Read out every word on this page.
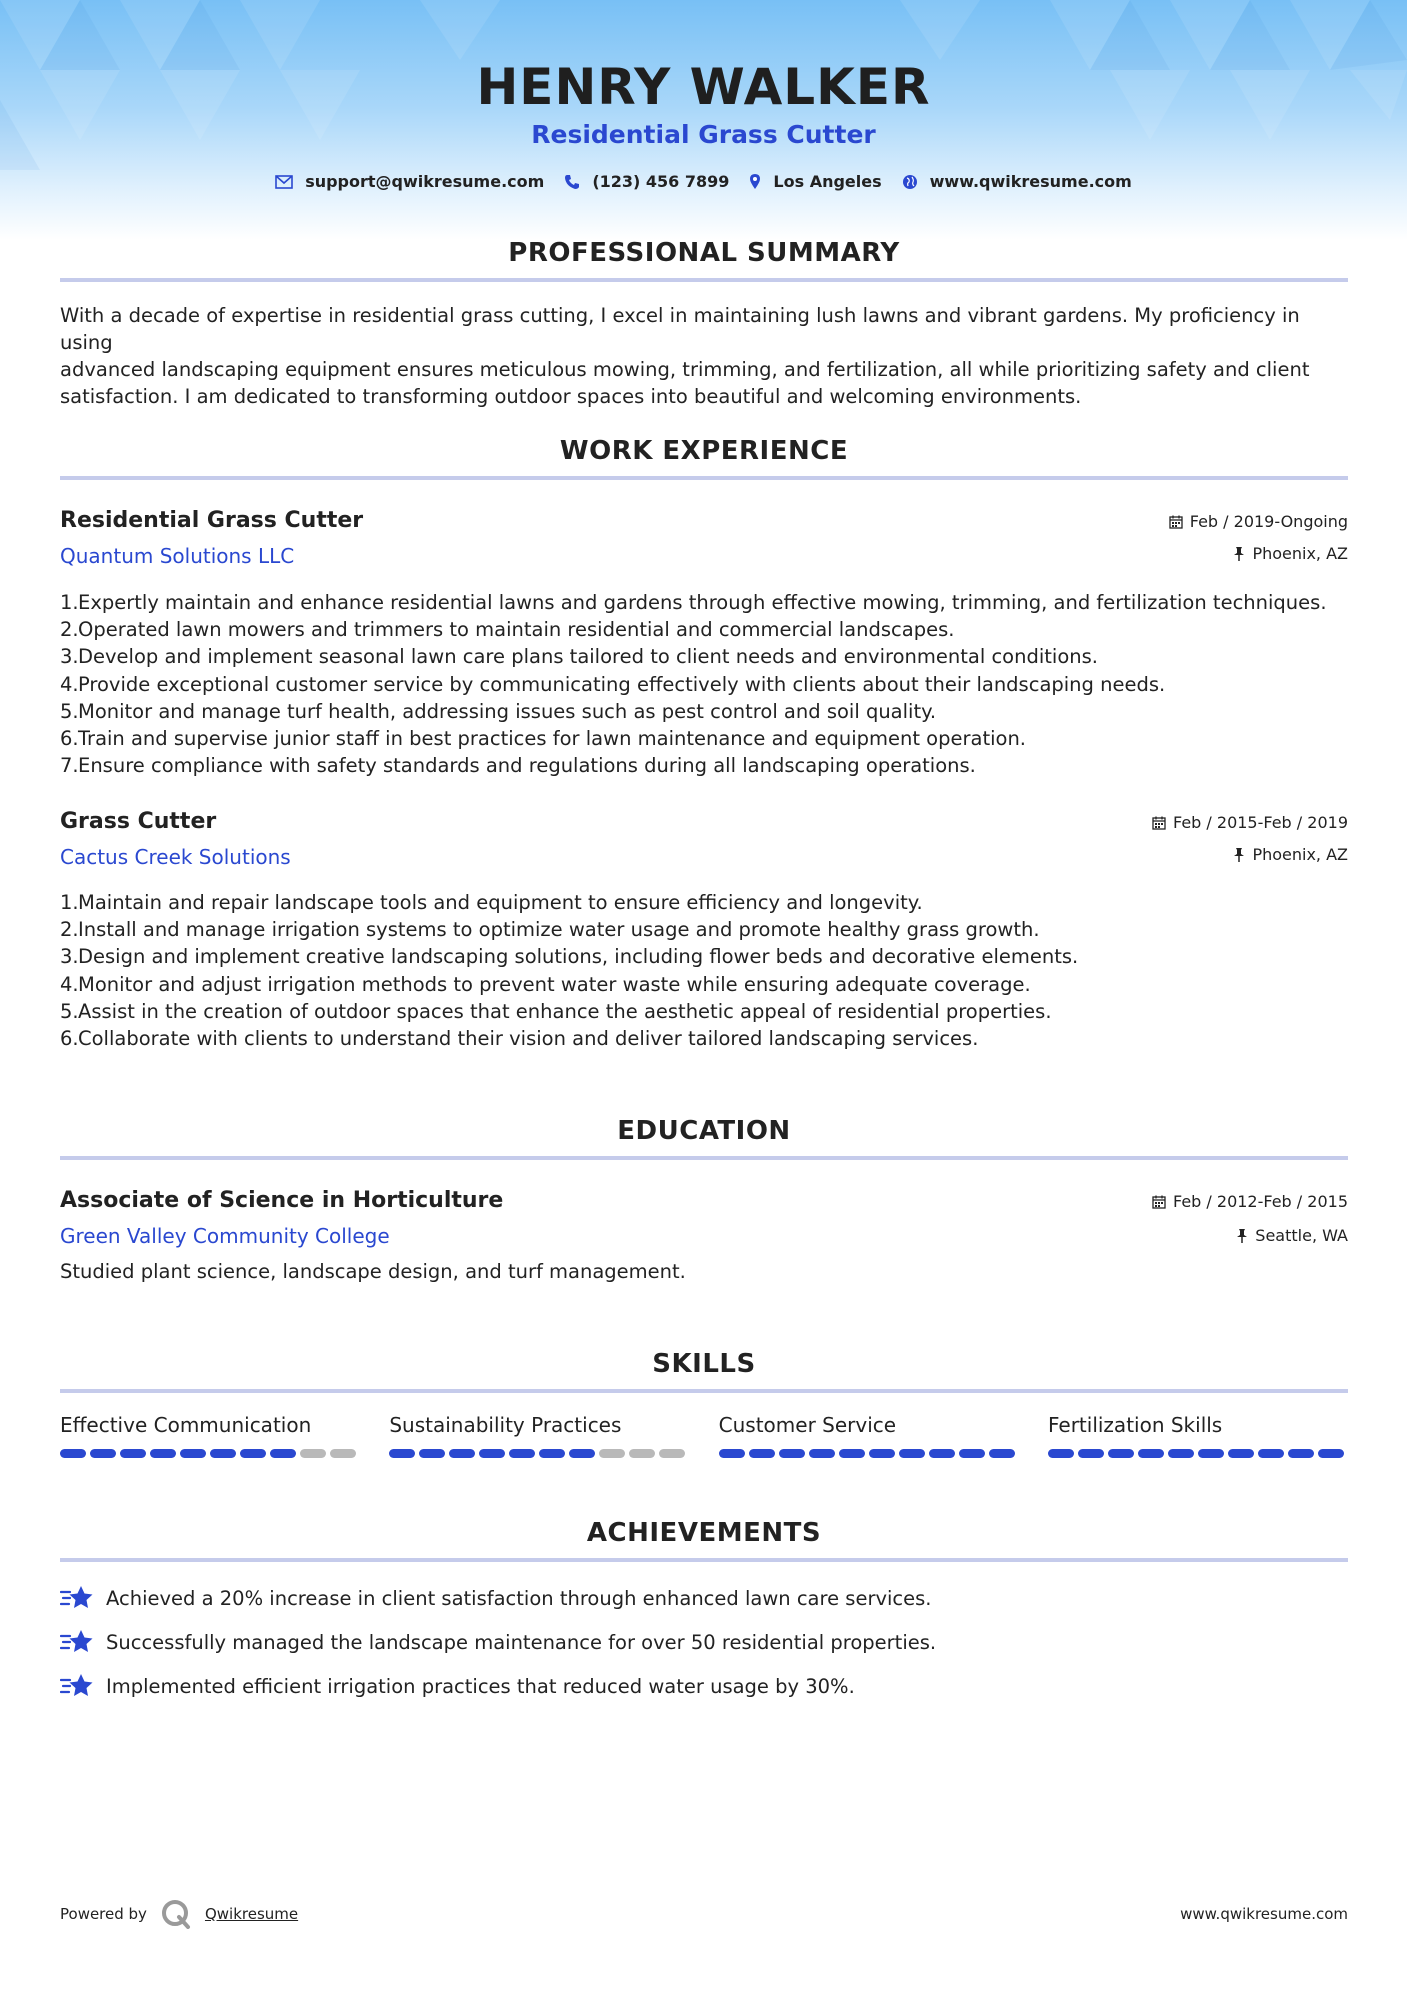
HENRY WALKER
Residential Grass Cutter
support@qwikresume.com	(123) 456 7899	Los Angeles	www.qwikresume.com
PROFESSIONAL SUMMARY
With a decade of expertise in residential grass cutting, I excel in maintaining lush lawns and vibrant gardens. My proficiency in using
advanced landscaping equipment ensures meticulous mowing, trimming, and fertilization, all while prioritizing safety and client
satisfaction. I am dedicated to transforming outdoor spaces into beautiful and welcoming environments.
WORK EXPERIENCE
Residential Grass Cutter
Quantum Solutions LLC
Feb / 2019-Ongoing
Phoenix, AZ
1. Expertly maintain and enhance residential lawns and gardens through effective mowing, trimming, and fertilization techniques.
2. Operated lawn mowers and trimmers to maintain residential and commercial landscapes.
3. Develop and implement seasonal lawn care plans tailored to client needs and environmental conditions.
4. Provide exceptional customer service by communicating effectively with clients about their landscaping needs.
5. Monitor and manage turf health, addressing issues such as pest control and soil quality.
6. Train and supervise junior staff in best practices for lawn maintenance and equipment operation.
7. Ensure compliance with safety standards and regulations during all landscaping operations.
Grass Cutter
Cactus Creek Solutions
Feb / 2015-Feb / 2019
Phoenix, AZ
1. Maintain and repair landscape tools and equipment to ensure efficiency and longevity.
2. Install and manage irrigation systems to optimize water usage and promote healthy grass growth.
3. Design and implement creative landscaping solutions, including flower beds and decorative elements.
4. Monitor and adjust irrigation methods to prevent water waste while ensuring adequate coverage.
5. Assist in the creation of outdoor spaces that enhance the aesthetic appeal of residential properties.
6. Collaborate with clients to understand their vision and deliver tailored landscaping services.
EDUCATION
Associate of Science in Horticulture
Green Valley Community College
Feb / 2012-Feb / 2015
Seattle, WA
Studied plant science, landscape design, and turf management.
SKILLS
Effective Communication	Sustainability Practices	Customer Service	Fertilization Skills
ACHIEVEMENTS
Achieved a 20% increase in client satisfaction through enhanced lawn care services.
Successfully managed the landscape maintenance for over 50 residential properties.
Implemented efficient irrigation practices that reduced water usage by 30%.
Powered by	Qwikresume	www.qwikresume.com
